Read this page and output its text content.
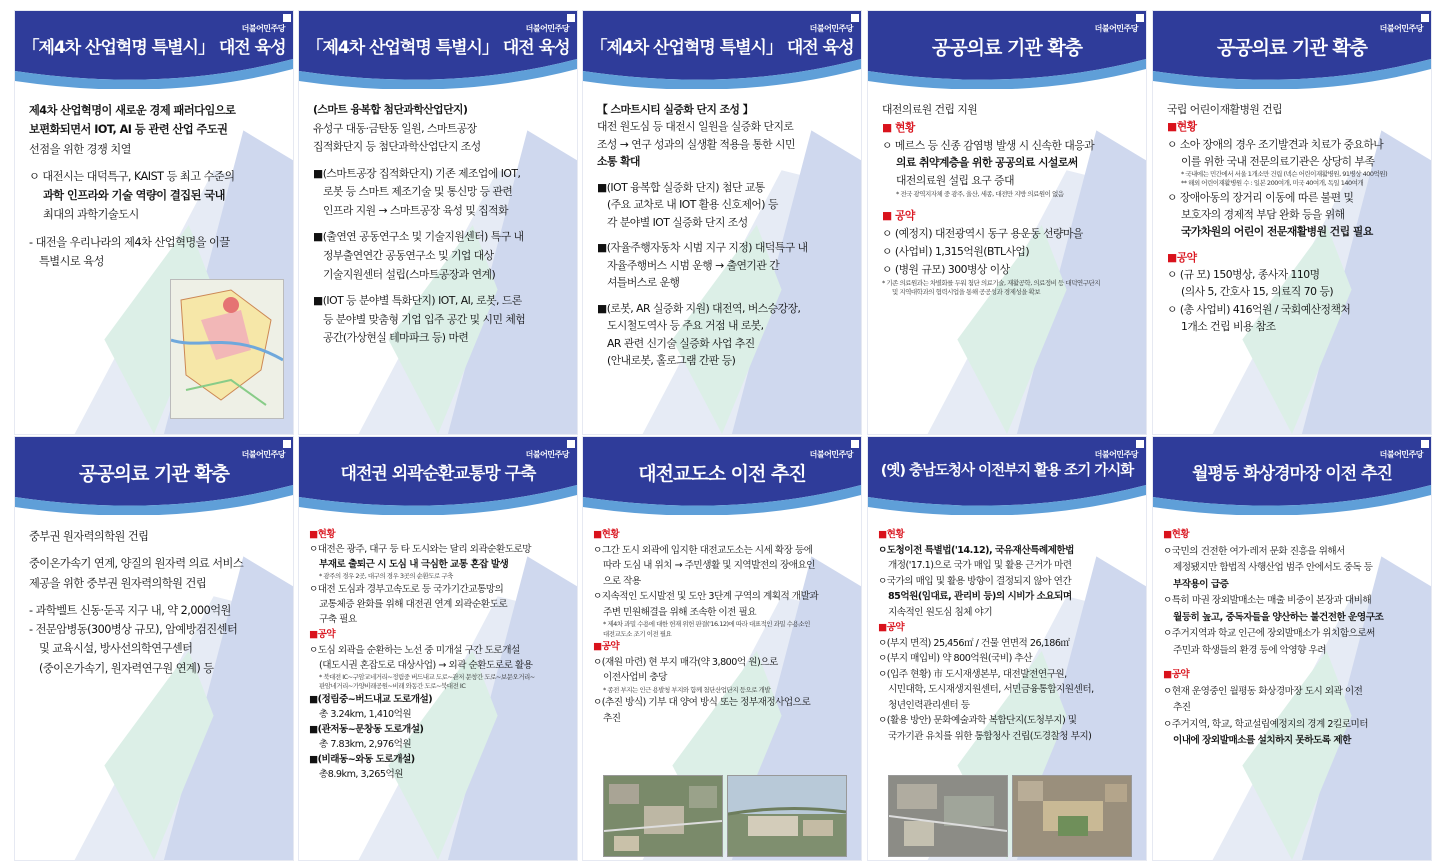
더불어민주당
「제4차 산업혁명 특별시」 대전 육성

제4차 산업혁명이 새로운 경제 패러다임으로

보편화되면서 IOT, AI 등 관련 산업 주도권

선점을 위한 경쟁 치열

ㅇ 대전시는 대덕특구, KAIST 등 최고 수준의

과학 인프라와 기술 역량이 결집된 국내

최대의 과학기술도시

- 대전을 우리나라의 제4차 산업혁명을 이끌

특별시로 육성

더불어민주당
「제4차 산업혁명 특별시」 대전 육성

(스마트 융복합 첨단과학산업단지)

유성구 대동·금탄동 일원, 스마트공장

집적화단지 등 첨단과학산업단지 조성

■(스마트공장 집적화단지) 기존 제조업에 IOT,

로봇 등 스마트 제조기술 및 통신망 등 관련

인프라 지원 → 스마트공장 육성 및 집적화

■(출연연 공동연구소 및 기술지원센터) 특구 내

정부출연연간 공동연구소 및 기업 대상

기술지원센터 설립(스마트공장과 연계)

■(IOT 등 분야별 특화단지) IOT, AI, 로봇, 드론

등 분야별 맞춤형 기업 입주 공간 및 시민 체험

공간(가상현실 테마파크 등) 마련

더불어민주당
「제4차 산업혁명 특별시」 대전 육성

【 스마트시티 실증화 단지 조성 】

대전 원도심 등 대전시 일원을 실증화 단지로

조성 → 연구 성과의 실생활 적용을 통한 시민

소통 확대

■(IOT 융복합 실증화 단지) 첨단 교통

(주요 교차로 내 IOT 활용 신호제어) 등

각 분야별 IOT 실증화 단지 조성

■(자율주행자동차 시범 지구 지정) 대덕특구 내

자율주행버스 시범 운행 → 출연기관 간

셔틀버스로 운행

■(로봇, AR 실증화 지원) 대전역, 버스승강장,

도시철도역사 등 주요 거점 내 로봇,

AR 관련 신기술 실증화 사업 추진

(안내로봇, 홀로그램 간판 등)

더불어민주당
공공의료 기관 확충

대전의료원 건립 지원

■ 현황

ㅇ 메르스 등 신종 감염병 발생 시 신속한 대응과

의료 취약계층을 위한 공공의료 시설로써

대전의료원 설립 요구 증대

* 전국 광역지자체 중 광주, 울산, 세종, 대전만 지방 의료원이 없음

■ 공약

ㅇ (예정지) 대전광역시 동구 용운동 선량마을

ㅇ (사업비) 1,315억원(BTL사업)

ㅇ (병원 규모) 300병상 이상

* 기존 의료원과는 차별화를 두워 첨단 의료기술, 재활공학, 의료정비 등 대덕연구단지

및 지역대학과의 협력시업을 통해 공공성과 경제성을 확보

더불어민주당
공공의료 기관 확충

국립 어린이재활병원 건립

■현황

ㅇ 소아 장애의 경우 조기발견과 치료가 중요하나

이를 위한 국내 전문의료기관은 상당히 부족

* 국내에는 민간에서 서울 1개소만 건립 (넥슨 어린이재활병원, 91병상 400억원)

** 해외 어린이재활병원 수 : 일본 200여개, 미국 40여개, 독일 140여개

ㅇ 장애아동의 장거리 이동에 따른 불편 및

보호자의 경제적 부담 완화 등을 위해

국가차원의 어린이 전문재활병원 건립 필요

■공약

ㅇ (규 모) 150병상, 종사자 110명

(의사 5, 간호사 15, 의료직 70 등)

ㅇ (총 사업비) 416억원 / 국회예산정책처

1개소 건립 비용 참조

더불어민주당
공공의료 기관 확충

중부권 원자력의학원 건립

중이온가속기 연계, 양질의 원자력 의료 서비스

제공을 위한 중부권 원자력의학원 건립

- 과학벨트 신동·둔곡 지구 내, 약 2,000억원

- 전문암병동(300병상 규모), 암예방검진센터

및 교육시설, 방사선의학연구센터

(중이온가속기, 원자력연구원 연계) 등

더불어민주당
대전권 외곽순환교통망 구축

■현황

ㅇ대전은 광주, 대구 등 타 도시와는 달리 외곽순환도로망

부재로 출퇴근 시 도심 내 극심한 교통 혼잡 발생

* 광주의 경우 2곳, 대구의 경우 3곳의 순환도로 구축

ㅇ대전 도심과 경부고속도로 등 국가기간교통망의

교통체증 완화를 위해 대전권 연계 외곽순환도로

구축 필요

■공약

ㅇ도심 외곽을 순환하는 노선 중 미개설 구간 도로개설

(대도시권 혼잡도로 대상사업) → 외곽 순환도로로 활용

* 북대전 IC~구암교네거리~정림중 버드내교 도로~관저 문창간 도로~보문오거리~

판암네거리~가양비래공원~비래 와동간 도로~북대전 IC

■(정림중~버드내교 도로개설)

총 3.24km, 1,410억원

■(관저동~문창동 도로개설)

총 7.83km, 2,976억원

■(비래동~와동 도로개설)

총8.9km, 3,265억원

더불어민주당
대전교도소 이전 추진

■현황

ㅇ그간 도시 외곽에 입지한 대전교도소는 시세 확장 등에

따라 도심 내 위치 → 주민생활 및 지역발전의 장애요인

으로 작용

ㅇ지속적인 도시발전 및 도안 3단계 구역의 계획적 개발과

주변 민원해결을 위해 조속한 이전 필요

* 제4차 과밀 수용에 대한 헌재 위헌 판결('16.12)에 따라 대표적인 과밀 수용소인

대전교도소 조기 이전 필요

■공약

ㅇ(재원 마련) 현 부지 매각(약 3,800억 원)으로

이전사업비 충당

* 종전 부지는 인근 용발청 부지와 함께 첨단산업단지 등으로 개발

ㅇ(추진 방식) 기부 대 양여 방식 또는 정부재정사업으로

추진

더불어민주당
(옛) 충남도청사 이전부지 활용 조기 가시화

■현황

ㅇ도청이전 특별법('14.12), 국유재산특례제한법

개정('17.1)으로 국가 매입 및 활용 근거가 마련

ㅇ국가의 매입 및 활용 방향이 결정되지 않아 연간

85억원(임대료, 관리비 등)의 시비가 소요되며

지속적인 원도심 침체 야기

■공약

ㅇ(부지 면적) 25,456㎡ / 건물 연면적 26,186㎡

ㅇ(부지 매입비) 약 800억원(국비) 추산

ㅇ(입주 현황) 市 도시재생본부, 대전발전연구원,

시민대학, 도시재생지원센터, 서민금융통합지원센터,

청년인력관리센터 등

ㅇ(활용 방안) 문화예술과학 복합단지(도청부지) 및

국가기관 유치를 위한 통합청사 건립(도경찰청 부지)

더불어민주당
월평동 화상경마장 이전 추진

■현황

ㅇ국민의 건전한 여가·레저 문화 진흥을 위해서

제정됐지만 합법적 사행산업 범주 안에서도 중독 등

부작용이 급증

ㅇ특히 마권 장외발매소는 매출 비중이 본장과 대비해

월등히 높고, 중독자들을 양산하는 불건전한 운영구조

ㅇ주거지역과 학교 인근에 장외발매소가 위치함으로써

주민과 학생들의 환경 등에 악영향 우려

■공약

ㅇ현재 운영중인 월평동 화상경마장 도시 외곽 이전

추진

ㅇ주거지역, 학교, 학교설립예정지의 경계 2킬로미터

이내에 장외발매소를 설치하지 못하도록 제한
